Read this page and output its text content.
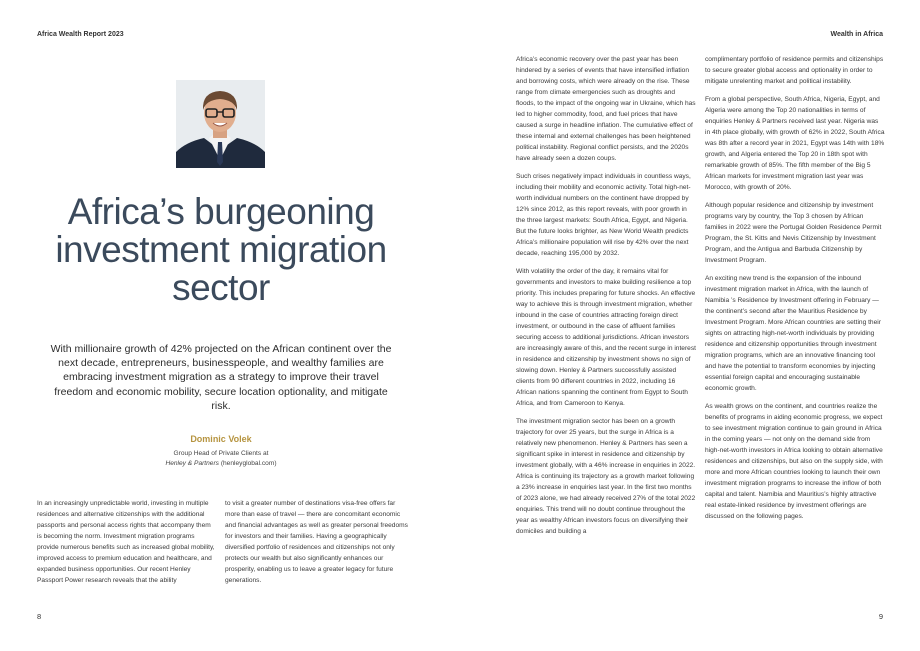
Africa Wealth Report 2023	Wealth in Africa
Africa’s burgeoning investment migration sector

With millionaire growth of 42% projected on the African continent over the next decade, entrepreneurs, businesspeople, and wealthy families are embracing investment migration as a strategy to improve their travel freedom and economic mobility, secure location optionality, and mitigate risk.

Dominic Volek
Group Head of Private Clients at
Henley & Partners (henleyglobal.com)

In an increasingly unpredictable world, investing in multiple residences and alternative citizenships with the additional passports and personal access rights that accompany them is becoming the norm. Investment migration programs provide numerous benefits such as increased global mobility, improved access to premium education and healthcare, and expanded business opportunities. Our recent Henley Passport Power research reveals that the ability

to visit a greater number of destinations visa-free offers far more than ease of travel — there are concomitant economic and financial advantages as well as greater personal freedoms for investors and their families. Having a geographically diversified portfolio of residences and citizenships not only protects our wealth but also significantly enhances our prosperity, enabling us to leave a greater legacy for future generations.

Africa’s economic recovery over the past year has been hindered by a series of events that have intensified inflation and borrowing costs, which were already on the rise. These range from climate emergencies such as droughts and floods, to the impact of the ongoing war in Ukraine, which has led to higher commodity, food, and fuel prices that have caused a surge in headline inflation. The cumulative effect of these internal and external challenges has been heightened political instability. Regional conflict persists, and the 2020s have already seen a dozen coups.

Such crises negatively impact individuals in countless ways, including their mobility and economic activity. Total high-net-worth individual numbers on the continent have dropped by 12% since 2012, as this report reveals, with poor growth in the three largest markets: South Africa, Egypt, and Nigeria. But the future looks brighter, as New World Wealth predicts Africa’s millionaire population will rise by 42% over the next decade, reaching 195,000 by 2032.

With volatility the order of the day, it remains vital for governments and investors to make building resilience a top priority. This includes preparing for future shocks. An effective way to achieve this is through investment migration, whether inbound in the case of countries attracting foreign direct investment, or outbound in the case of affluent families securing access to additional jurisdictions. African investors are increasingly aware of this, and the recent surge in interest in residence and citizenship by investment shows no sign of slowing down. Henley & Partners successfully assisted clients from 90 different countries in 2022, including 16 African nations spanning the continent from Egypt to South Africa, and from Cameroon to Kenya.

The investment migration sector has been on a growth trajectory for over 25 years, but the surge in Africa is a relatively new phenomenon. Henley & Partners has seen a significant spike in interest in residence and citizenship by investment globally, with a 46% increase in enquiries in 2022. Africa is continuing its trajectory as a growth market following a 23% increase in enquiries last year. In the first two months of 2023 alone, we had already received 27% of the total 2022 enquiries. This trend will no doubt continue throughout the year as wealthy African investors focus on diversifying their domiciles and building a

complimentary portfolio of residence permits and citizenships to secure greater global access and optionality in order to mitigate unrelenting market and political instability.

From a global perspective, South Africa, Nigeria, Egypt, and Algeria were among the Top 20 nationalities in terms of enquiries Henley & Partners received last year. Nigeria was in 4th place globally, with growth of 62% in 2022, South Africa was 8th after a record year in 2021, Egypt was 14th with 18% growth, and Algeria entered the Top 20 in 18th spot with remarkable growth of 85%. The fifth member of the Big 5 African markets for investment migration last year was Morocco, with growth of 20%.

Although popular residence and citizenship by investment programs vary by country, the Top 3 chosen by African families in 2022 were the Portugal Golden Residence Permit Program, the St. Kitts and Nevis Citizenship by Investment Program, and the Antigua and Barbuda Citizenship by Investment Program.

An exciting new trend is the expansion of the inbound investment migration market in Africa, with the launch of Namibia ’s Residence by Investment offering in February — the continent’s second after the Mauritius Residence by Investment Program. More African countries are setting their sights on attracting high-net-worth individuals by providing residence and citizenship opportunities through investment migration programs, which are an innovative financing tool and have the potential to transform economies by injecting essential foreign capital and encouraging sustainable economic growth.

As wealth grows on the continent, and countries realize the benefits of programs in aiding economic progress, we expect to see investment migration continue to gain ground in Africa in the coming years — not only on the demand side from high-net-worth investors in Africa looking to obtain alternative residences and citizenships, but also on the supply side, with more and more African countries looking to launch their own investment migration programs to increase the inflow of both capital and talent. Namibia and Mauritius’s highly attractive real estate-linked residence by investment offerings are discussed on the following pages.

8	9
